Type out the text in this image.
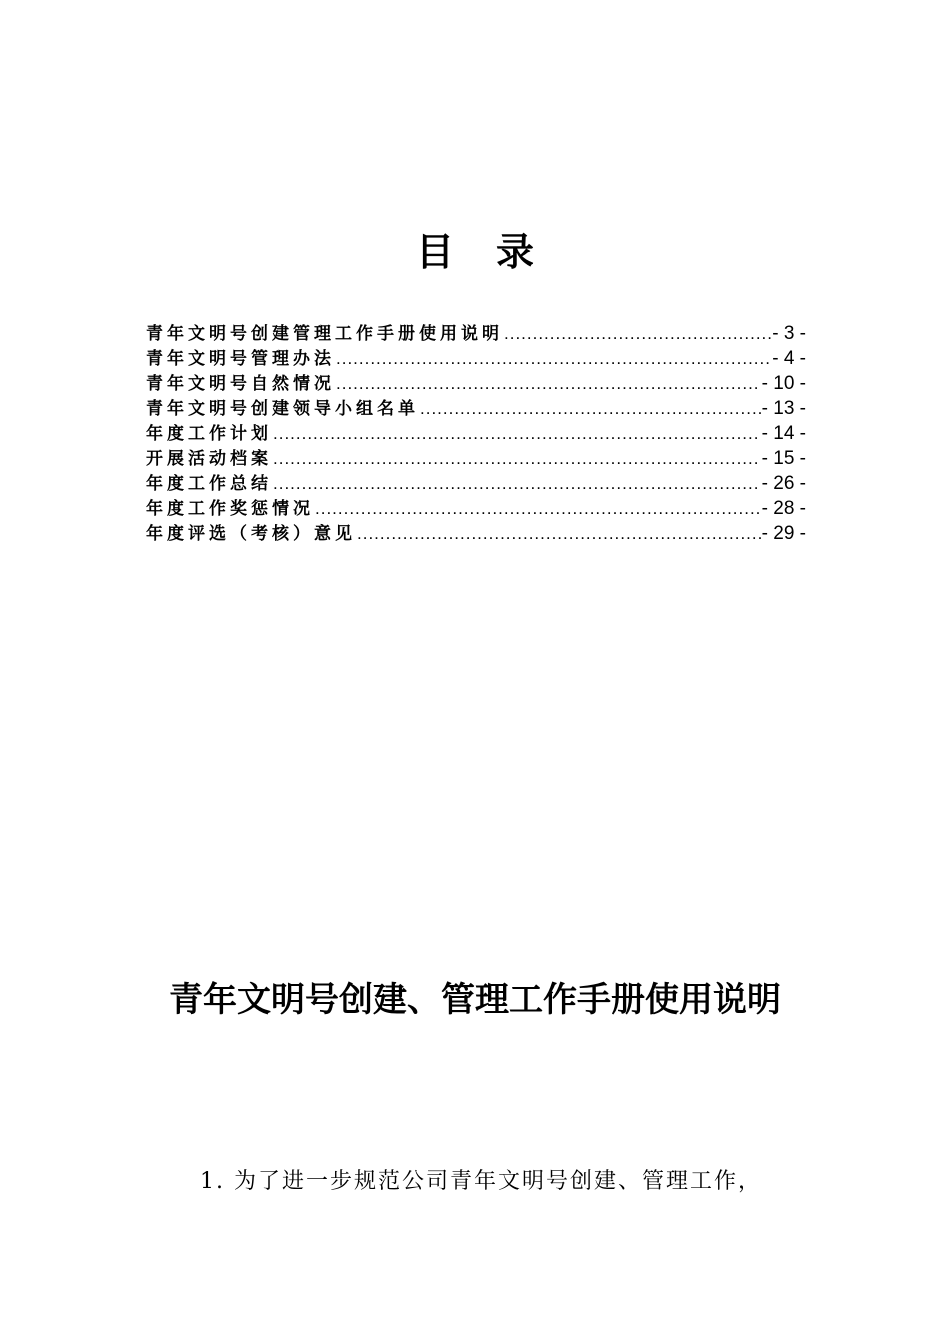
目 录
青年文明号创建管理工作手册使用说明 .....	- 3 -
青年文明号管理办法 .....	- 4 -
青年文明号自然情况 .....	- 10 -
青年文明号创建领导小组名单 .....	- 13 -
年度工作计划 .....	- 14 -
开展活动档案 .....	- 15 -
年度工作总结 .....	- 26 -
年度工作奖惩情况 .....	- 28 -
年度评选（考核）意见 .....	- 29 -
青年文明号创建、管理工作手册使用说明
1. 为了进一步规范公司青年文明号创建、管理工作，
